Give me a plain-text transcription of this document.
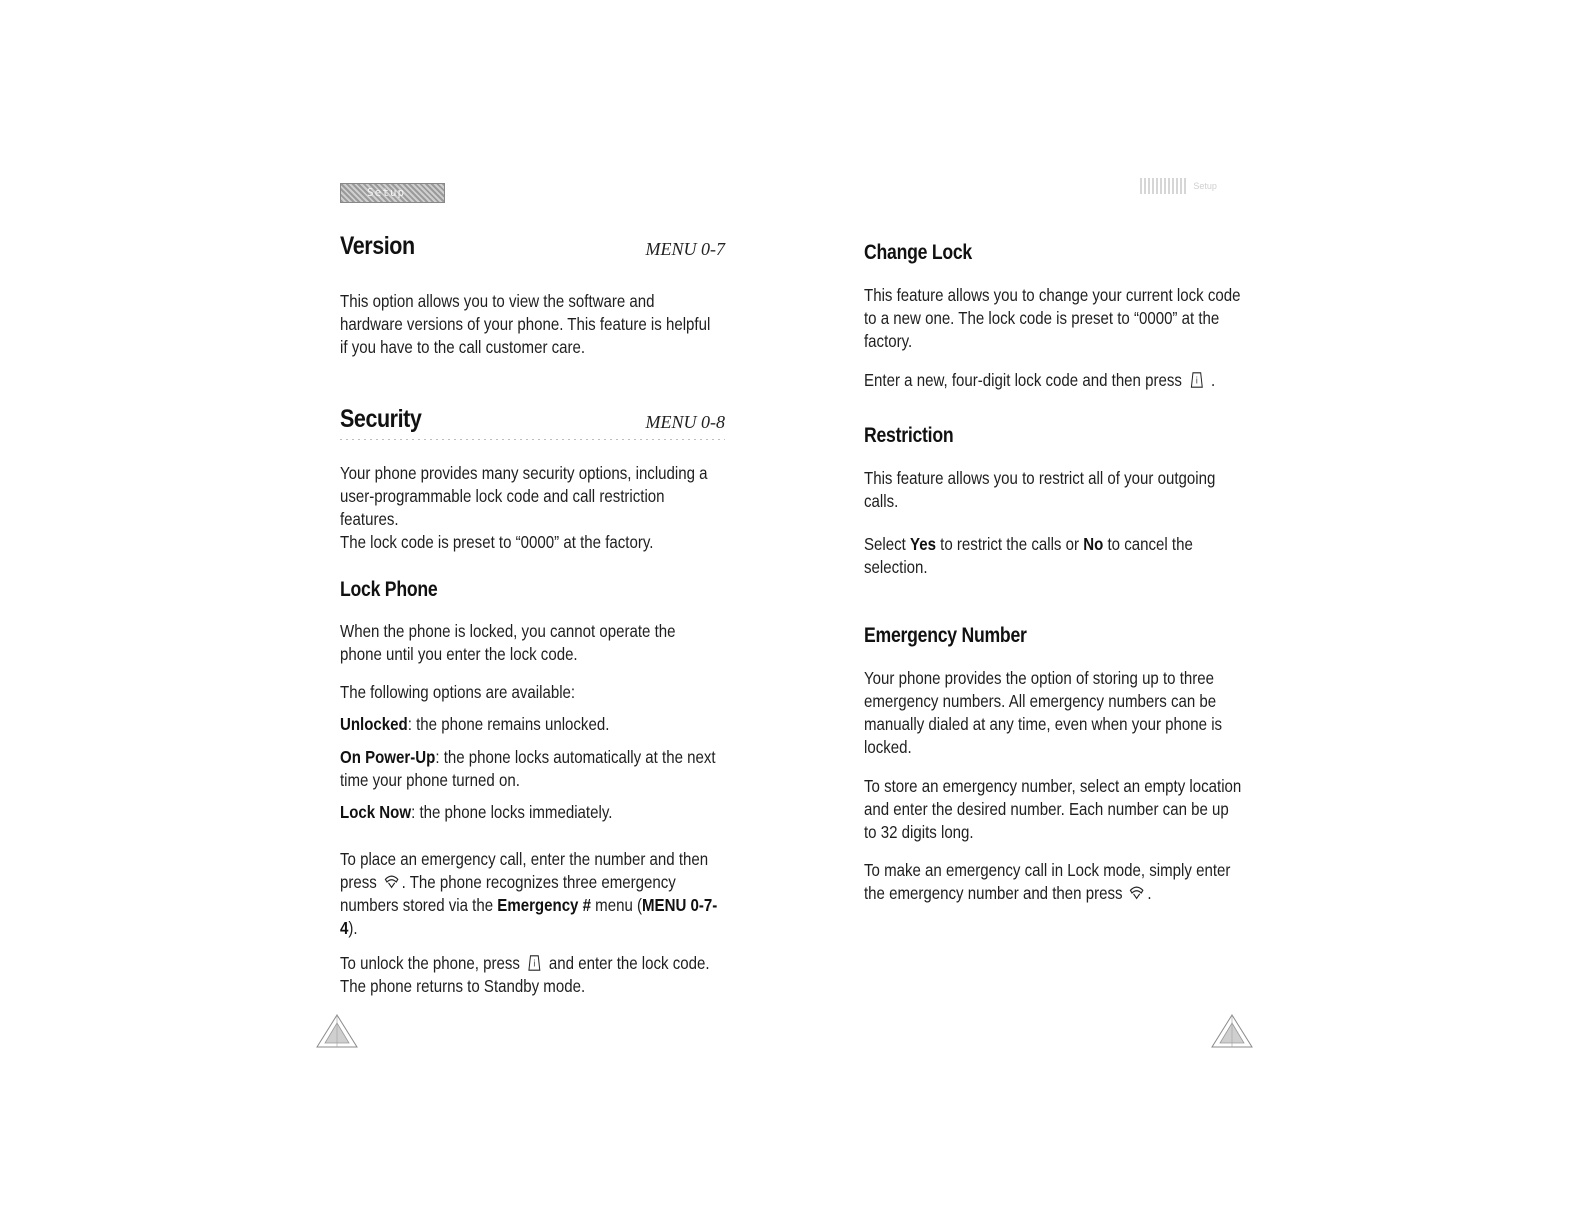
Setup	Setup
Version	MENU 0-7

This option allows you to view the software and hardware versions of your phone. This feature is helpful if you have to the call customer care.

Security	MENU 0-8

Your phone provides many security options, including a user-programmable lock code and call restriction features.

The lock code is preset to “0000” at the factory.

Lock Phone

When the phone is locked, you cannot operate the phone until you enter the lock code.

The following options are available:

Unlocked: the phone remains unlocked.

On Power-Up: the phone locks automatically at the next time your phone turned on.

Lock Now: the phone locks immediately.

To place an emergency call, enter the number and then press . The phone recognizes three emergency numbers stored via the Emergency # menu (MENU 0-7-4).

To unlock the phone, press i and enter the lock code. The phone returns to Standby mode.

Change Lock

This feature allows you to change your current lock code to a new one. The lock code is preset to “0000” at the factory.

Enter a new, four-digit lock code and then press i .

Restriction

This feature allows you to restrict all of your outgoing calls.

Select Yes to restrict the calls or No to cancel the selection.

Emergency Number

Your phone provides the option of storing up to three emergency numbers. All emergency numbers can be manually dialed at any time, even when your phone is locked.

To store an emergency number, select an empty location and enter the desired number. Each number can be up to 32 digits long.

To make an emergency call in Lock mode, simply enter the emergency number and then press .
